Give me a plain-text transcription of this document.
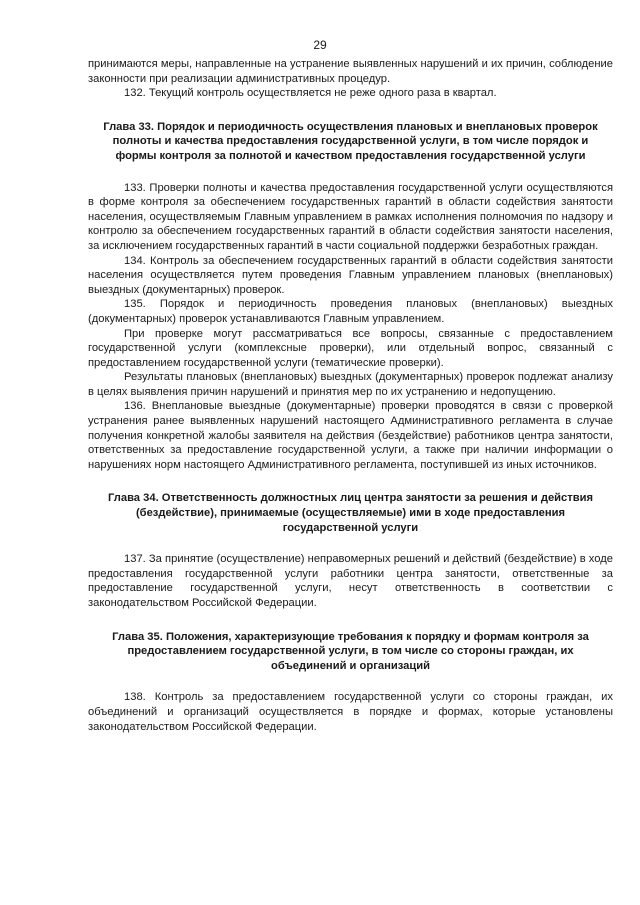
29

принимаются меры, направленные на устранение выявленных нарушений и их причин, соблюдение законности при реализации административных процедур.

132. Текущий контроль осуществляется не реже одного раза в квартал.

Глава 33. Порядок и периодичность осуществления плановых и внеплановых проверок полноты и качества предоставления государственной услуги, в том числе порядок и формы контроля за полнотой и качеством предоставления государственной услуги

133. Проверки полноты и качества предоставления государственной услуги осуществляются в форме контроля за обеспечением государственных гарантий в области содействия занятости населения, осуществляемым Главным управлением в рамках исполнения полномочия по надзору и контролю за обеспечением государственных гарантий в области содействия занятости населения, за исключением государственных гарантий в части социальной поддержки безработных граждан.

134. Контроль за обеспечением государственных гарантий в области содействия занятости населения осуществляется путем проведения Главным управлением плановых (внеплановых) выездных (документарных) проверок.

135. Порядок и периодичность проведения плановых (внеплановых) выездных (документарных) проверок устанавливаются Главным управлением.

При проверке могут рассматриваться все вопросы, связанные с предоставлением государственной услуги (комплексные проверки), или отдельный вопрос, связанный с предоставлением государственной услуги (тематические проверки).

Результаты плановых (внеплановых) выездных (документарных) проверок подлежат анализу в целях выявления причин нарушений и принятия мер по их устранению и недопущению.

136. Внеплановые выездные (документарные) проверки проводятся в связи с проверкой устранения ранее выявленных нарушений настоящего Административного регламента в случае получения конкретной жалобы заявителя на действия (бездействие) работников центра занятости, ответственных за предоставление государственной услуги, а также при наличии информации о нарушениях норм настоящего Административного регламента, поступившей из иных источников.

Глава 34. Ответственность должностных лиц центра занятости за решения и действия (бездействие), принимаемые (осуществляемые) ими в ходе предоставления государственной услуги

137. За принятие (осуществление) неправомерных решений и действий (бездействие) в ходе предоставления государственной услуги работники центра занятости, ответственные за предоставление государственной услуги, несут ответственность в соответствии с законодательством Российской Федерации.

Глава 35. Положения, характеризующие требования к порядку и формам контроля за предоставлением государственной услуги, в том числе со стороны граждан, их объединений и организаций

138. Контроль за предоставлением государственной услуги со стороны граждан, их объединений и организаций осуществляется в порядке и формах, которые установлены законодательством Российской Федерации.
